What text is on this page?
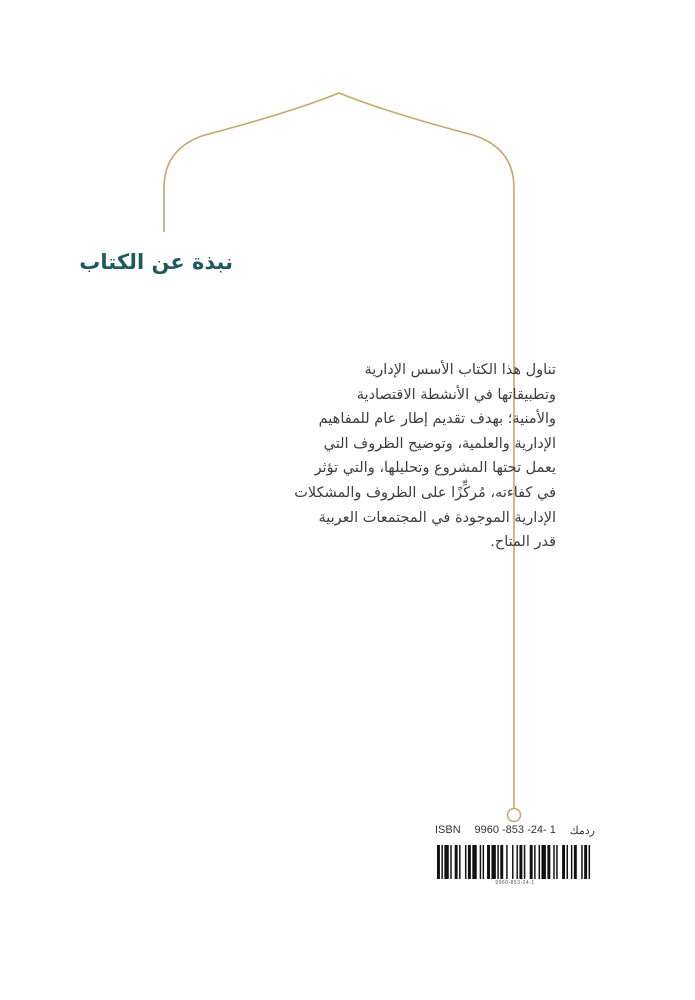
نبذة عن الكتاب
تناول هذا الكتاب الأسس الإدارية
وتطبيقاتها في الأنشطة الاقتصادية
والأمنية؛ بهدف تقديم إطار عام للمفاهيم
الإدارية والعلمية، وتوضيح الظروف التي
يعمل تحتها المشروع وتحليلها، والتي تؤثر
في كفاءته، مُركِّزًا على الظروف والمشكلات
الإدارية الموجودة في المجتمعات العربية
قدر المتاح.
ISBN 9960 -853 -24- 1 ردمك
9960-853-24-1
